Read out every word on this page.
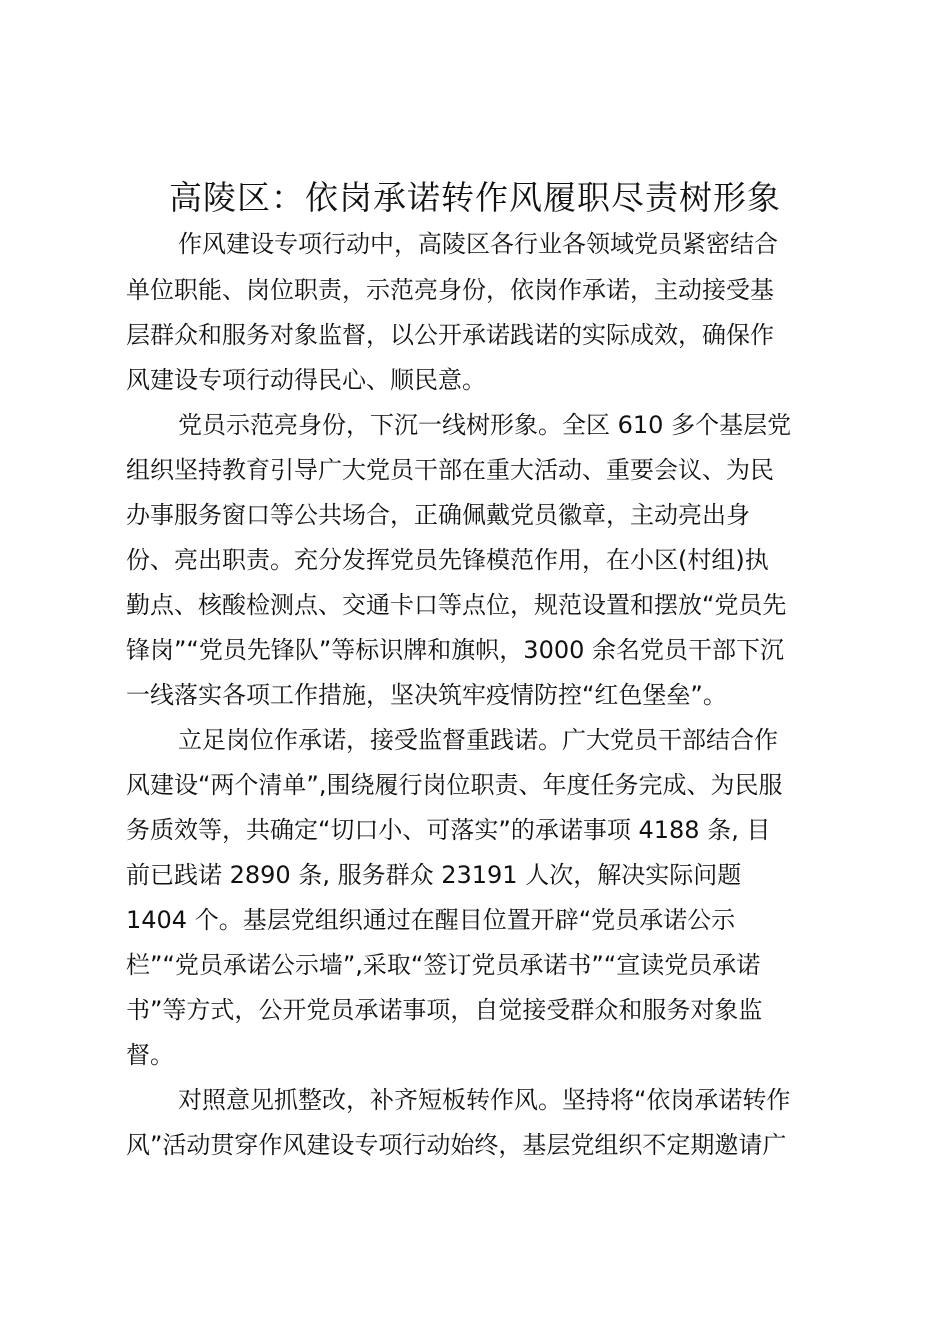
高陵区：依岗承诺转作风履职尽责树形象
作风建设专项行动中，高陵区各行业各领域党员紧密结合
单位职能、岗位职责，示范亮身份，依岗作承诺，主动接受基
层群众和服务对象监督，以公开承诺践诺的实际成效，确保作
风建设专项行动得民心、顺民意。
党员示范亮身份，下沉一线树形象。全区 610 多个基层党
组织坚持教育引导广大党员干部在重大活动、重要会议、为民
办事服务窗口等公共场合，正确佩戴党员徽章，主动亮出身
份、亮出职责。充分发挥党员先锋模范作用，在小区(村组)执
勤点、核酸检测点、交通卡口等点位，规范设置和摆放“党员先
锋岗”“党员先锋队”等标识牌和旗帜，3000 余名党员干部下沉
一线落实各项工作措施，坚决筑牢疫情防控“红色堡垒”。
立足岗位作承诺，接受监督重践诺。广大党员干部结合作
风建设“两个清单”,围绕履行岗位职责、年度任务完成、为民服
务质效等，共确定“切口小、可落实”的承诺事项 4188 条, 目
前已践诺 2890 条, 服务群众 23191 人次，解决实际问题
1404 个。基层党组织通过在醒目位置开辟“党员承诺公示
栏”“党员承诺公示墙”,采取“签订党员承诺书”“宣读党员承诺
书”等方式，公开党员承诺事项，自觉接受群众和服务对象监
督。
对照意见抓整改，补齐短板转作风。坚持将“依岗承诺转作
风”活动贯穿作风建设专项行动始终，基层党组织不定期邀请广
